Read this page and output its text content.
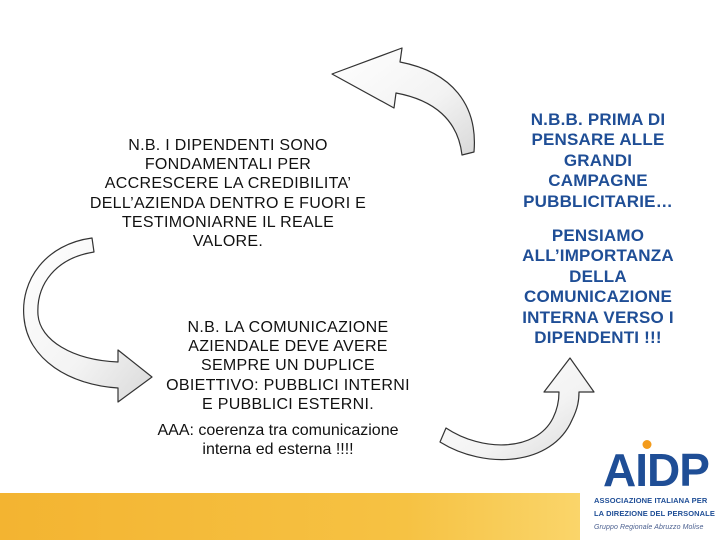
N.B. I DIPENDENTI SONO
FONDAMENTALI PER
ACCRESCERE LA CREDIBILITA’
DELL’AZIENDA DENTRO E FUORI E
TESTIMONIARNE IL REALE
VALORE.
N.B. LA COMUNICAZIONE
AZIENDALE DEVE AVERE
SEMPRE UN DUPLICE
OBIETTIVO: PUBBLICI INTERNI
E PUBBLICI ESTERNI.
AAA: coerenza tra comunicazione
interna ed esterna !!!!
N.B.B. PRIMA DI
PENSARE ALLE
GRANDI
CAMPAGNE
PUBBLICITARIE…
PENSIAMO
ALL’IMPORTANZA
DELLA
COMUNICAZIONE
INTERNA VERSO I
DIPENDENTI !!!
AIDP
ASSOCIAZIONE ITALIANA PER
LA DIREZIONE DEL PERSONALE
Gruppo Regionale Abruzzo Molise
